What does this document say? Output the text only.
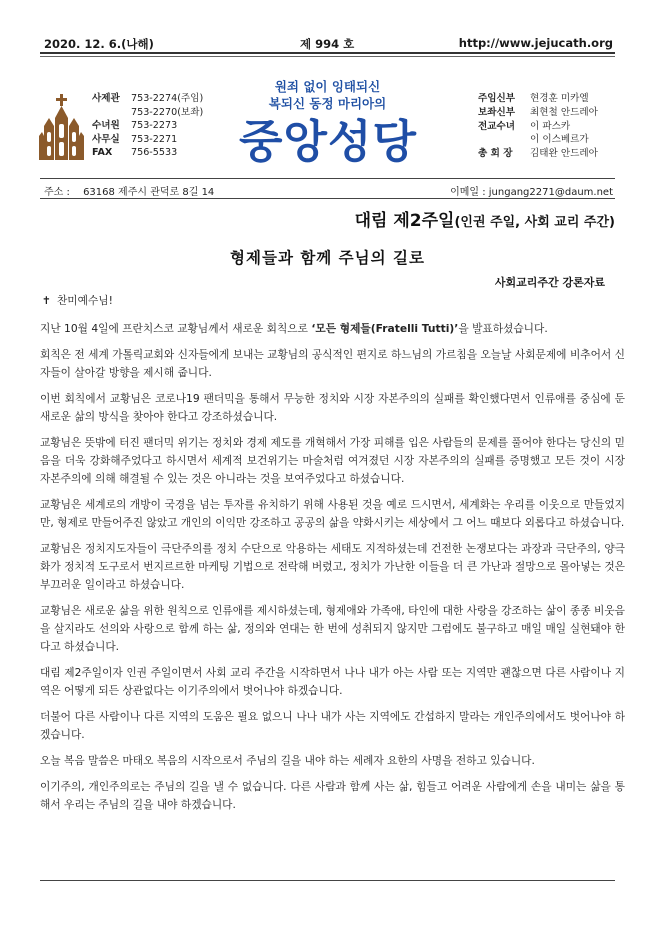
2020. 12. 6.(나해)	제 994 호	http://www.jejucath.org
사제관	753-2274(주임)
753-2270(보좌)
수녀원	753-2273
사무실	753-2271
FAX	756-5533
원죄 없이 잉태되신
복되신 동정 마리아의
중앙성당
주임신부	현경훈 미카엘
보좌신부	최현철 안드레아
전교수녀	이 파스카
이 이스베르가
총 회 장	김태완 안드레아
주소 : 63168 제주시 관덕로 8길 14	이메일 : jungang2271@daum.net
대림 제2주일(인권 주일, 사회 교리 주간)
형제들과 함께 주님의 길로
사회교리주간 강론자료

✝ 찬미예수님!

지난 10월 4일에 프란치스코 교황님께서 새로운 회칙으로 ‘모든 형제들(Fratelli Tutti)’을 발표하셨습니다.

회칙은 전 세계 가톨릭교회와 신자들에게 보내는 교황님의 공식적인 편지로 하느님의 가르침을 오늘날 사회문제에 비추어서 신자들이 살아갈 방향을 제시해 줍니다.

이번 회칙에서 교황님은 코로나19 팬더믹을 통해서 무능한 정치와 시장 자본주의의 실패를 확인했다면서 인류애를 중심에 둔 새로운 삶의 방식을 찾아야 한다고 강조하셨습니다.

교황님은 뜻밖에 터진 팬더믹 위기는 정치와 경제 제도를 개혁해서 가장 피해를 입은 사람들의 문제를 풀어야 한다는 당신의 믿음을 더욱 강화해주었다고 하시면서 세계적 보건위기는 마술처럼 여겨졌던 시장 자본주의의 실패를 증명했고 모든 것이 시장 자본주의에 의해 해결될 수 있는 것은 아니라는 것을 보여주었다고 하셨습니다.

교황님은 세계로의 개방이 국경을 넘는 투자를 유치하기 위해 사용된 것을 예로 드시면서, 세계화는 우리를 이웃으로 만들었지만, 형제로 만들어주진 않았고 개인의 이익만 강조하고 공공의 삶을 약화시키는 세상에서 그 어느 때보다 외롭다고 하셨습니다.

교황님은 정치지도자들이 극단주의를 정치 수단으로 악용하는 세태도 지적하셨는데 건전한 논쟁보다는 과장과 극단주의, 양극화가 정치적 도구로서 번지르르한 마케팅 기법으로 전락해 버렸고, 정치가 가난한 이들을 더 큰 가난과 절망으로 몰아넣는 것은 부끄러운 일이라고 하셨습니다.

교황님은 새로운 삶을 위한 원칙으로 인류애를 제시하셨는데, 형제애와 가족애, 타인에 대한 사랑을 강조하는 삶이 종종 비웃음을 살지라도 선의와 사랑으로 함께 하는 삶, 정의와 연대는 한 번에 성취되지 않지만 그럼에도 불구하고 매일 매일 실현돼야 한다고 하셨습니다.

대림 제2주일이자 인권 주일이면서 사회 교리 주간을 시작하면서 나나 내가 아는 사람 또는 지역만 괜찮으면 다른 사람이나 지역은 어떻게 되든 상관없다는 이기주의에서 벗어나야 하겠습니다.

더불어 다른 사람이나 다른 지역의 도움은 필요 없으니 나나 내가 사는 지역에도 간섭하지 말라는 개인주의에서도 벗어나야 하겠습니다.

오늘 복음 말씀은 마태오 복음의 시작으로서 주님의 길을 내야 하는 세례자 요한의 사명을 전하고 있습니다.

이기주의, 개인주의로는 주님의 길을 낼 수 없습니다. 다른 사람과 함께 사는 삶, 힘들고 어려운 사람에게 손을 내미는 삶을 통해서 우리는 주님의 길을 내야 하겠습니다.
